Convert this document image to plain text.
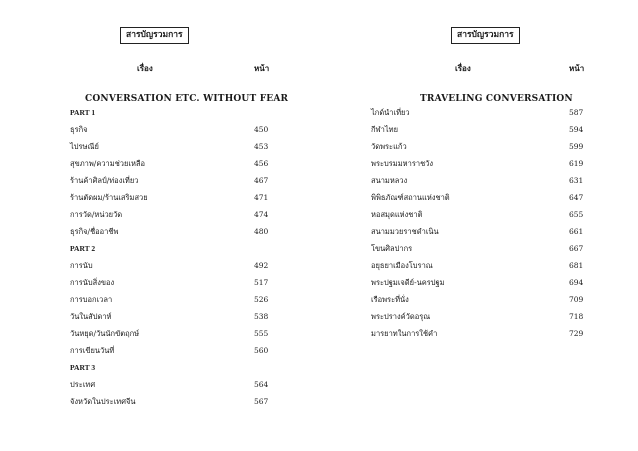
สารบัญรวมการ
เรื่อง	หน้า
CONVERSATION ETC. WITHOUT FEAR
PART 1
ธุรกิจ	450
ไปรษณีย์	453
สุขภาพ/ความช่วยเหลือ	456
ร้านค้าศิลป์/ท่องเที่ยว	467
ร้านตัดผม/ร้านเสริมสวย	471
การวัด/หน่วยวัด	474
ธุรกิจ/ชื่ออาชีพ	480
PART 2
การนับ	492
การนับสิ่งของ	517
การบอกเวลา	526
วันในสัปดาห์	538
วันหยุด/วันนักขัตฤกษ์	555
การเขียนวันที่	560
PART 3
ประเทศ	564
จังหวัดในประเทศจีน	567
สารบัญรวมการ
เรื่อง	หน้า
TRAVELING CONVERSATION
ไกด์นำเที่ยว	587
กีฬาไทย	594
วัดพระแก้ว	599
พระบรมมหาราชวัง	619
สนามหลวง	631
พิพิธภัณฑ์สถานแห่งชาติ	647
หอสมุดแห่งชาติ	655
สนามมวยราชดำเนิน	661
โขนศิลปากร	667
อยุธยาเมืองโบราณ	681
พระปฐมเจดีย์-นครปฐม	694
เรือพระที่นั่ง	709
พระปรางค์วัดอรุณ	718
มารยาทในการใช้คำ	729
